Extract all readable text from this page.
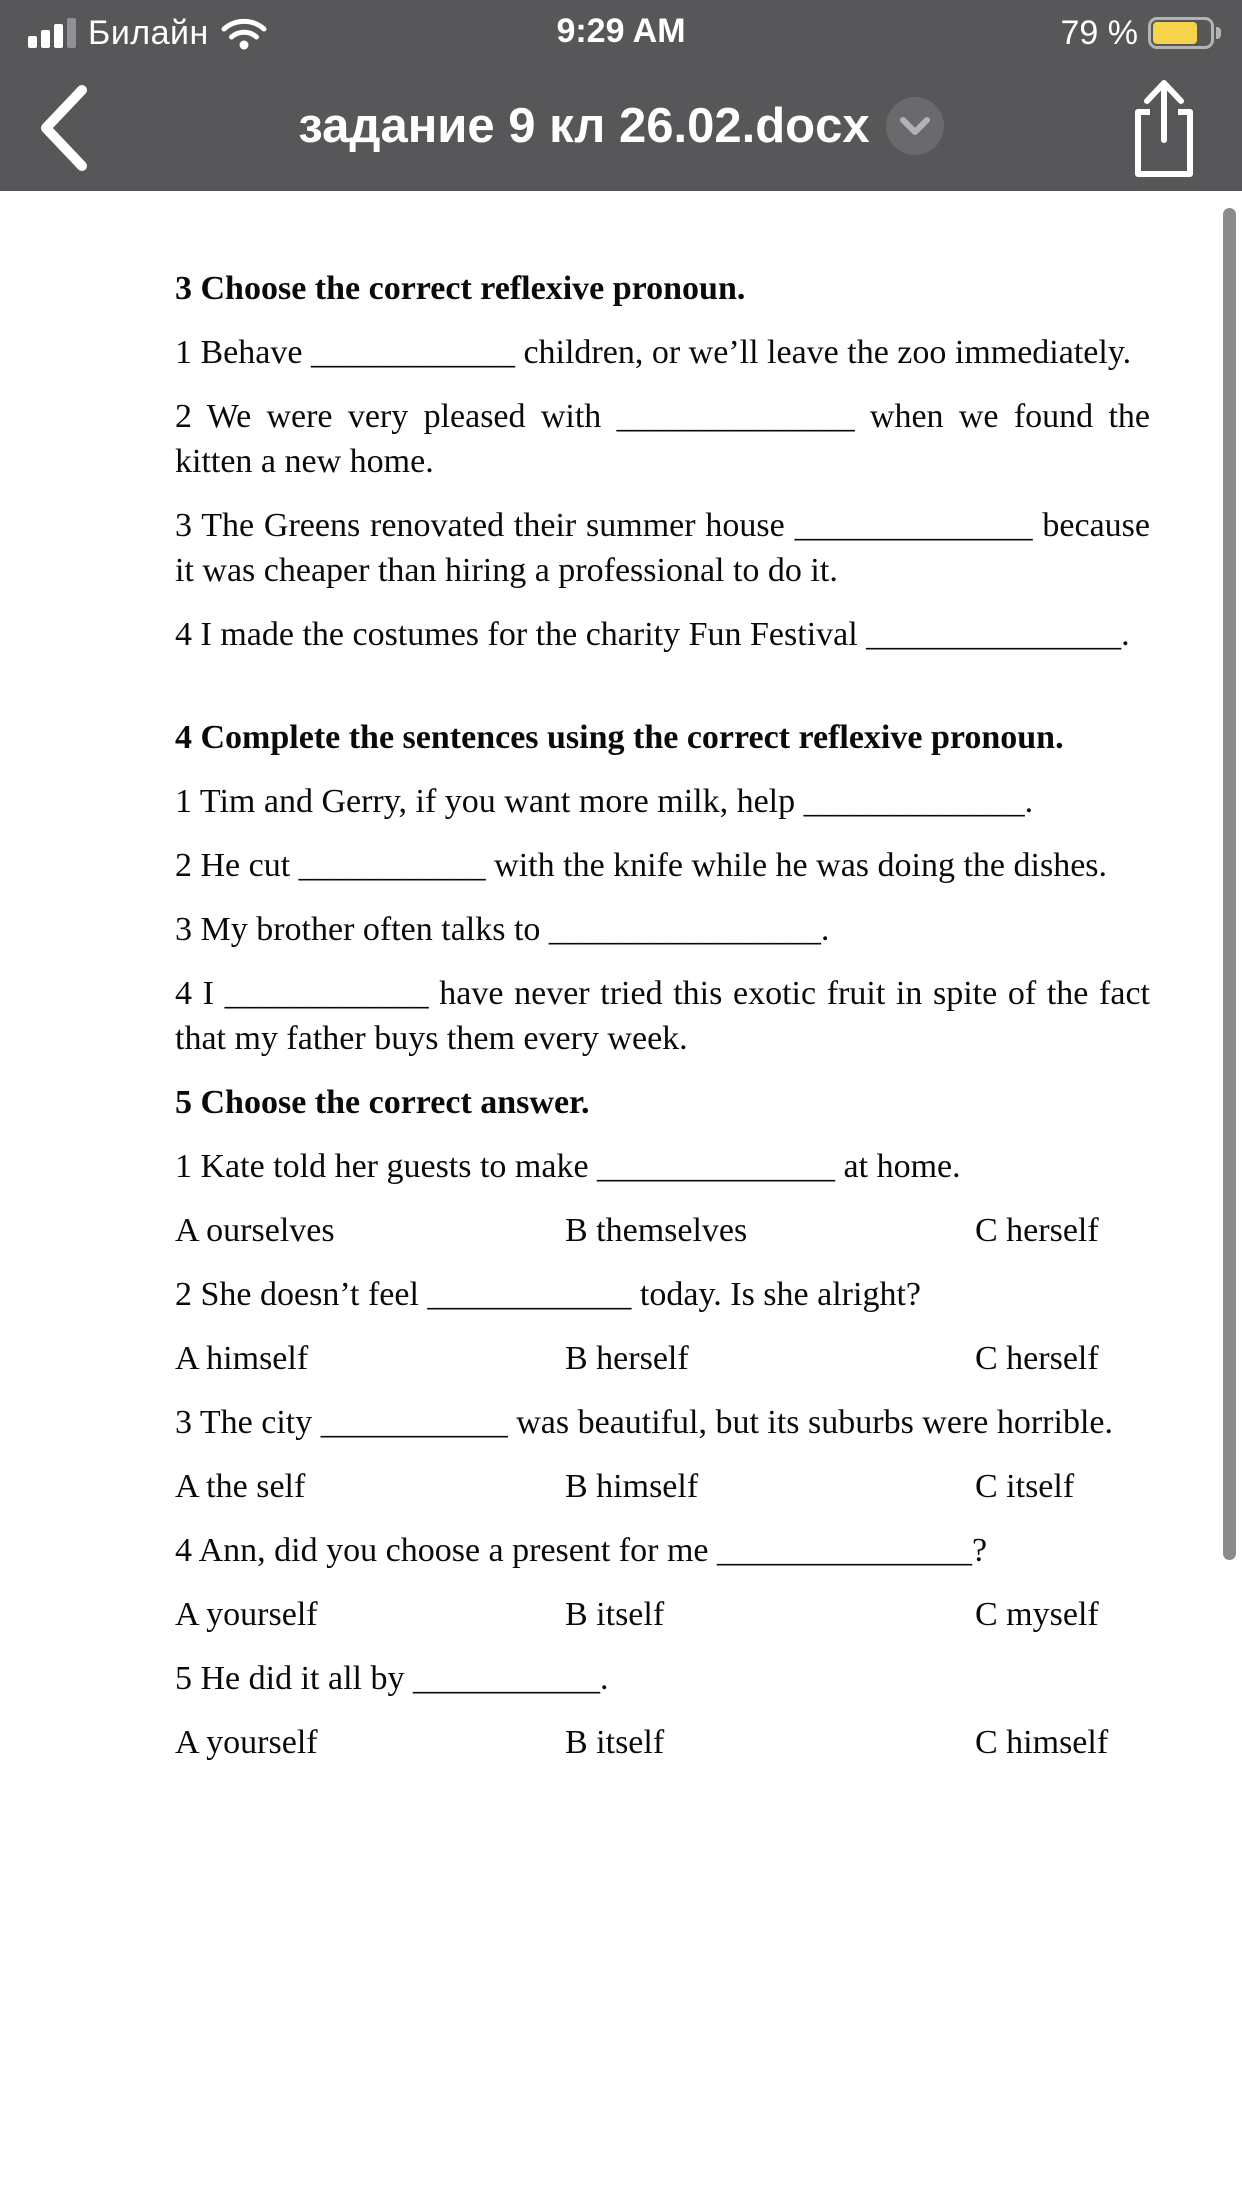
9:29 AM
Билайн	79 %
задание 9 кл 26.02.docx

3 Choose the correct reflexive pronoun.

1 Behave ____________ children, or we’ll leave the zoo immediately.

2 We were very pleased with ______________ when we found the kitten a new home.

3 The Greens renovated their summer house ______________ because it was cheaper than hiring a professional to do it.

4 I made the costumes for the charity Fun Festival _______________.

4 Complete the sentences using the correct reflexive pronoun.

1 Tim and Gerry, if you want more milk, help _____________.

2 He cut ___________ with the knife while he was doing the dishes.

3 My brother often talks to ________________.

4 I ____________ have never tried this exotic fruit in spite of the fact that my father buys them every week.

5 Choose the correct answer.

1 Kate told her guests to make ______________ at home.

A ourselves	B themselves	C herself

2 She doesn’t feel ____________ today. Is she alright?

A himself	B herself	C herself

3 The city ___________ was beautiful, but its suburbs were horrible.

A the self	B himself	C itself

4 Ann, did you choose a present for me _______________?

A yourself	B itself	C myself

5 He did it all by ___________.

A yourself	B itself	C himself
